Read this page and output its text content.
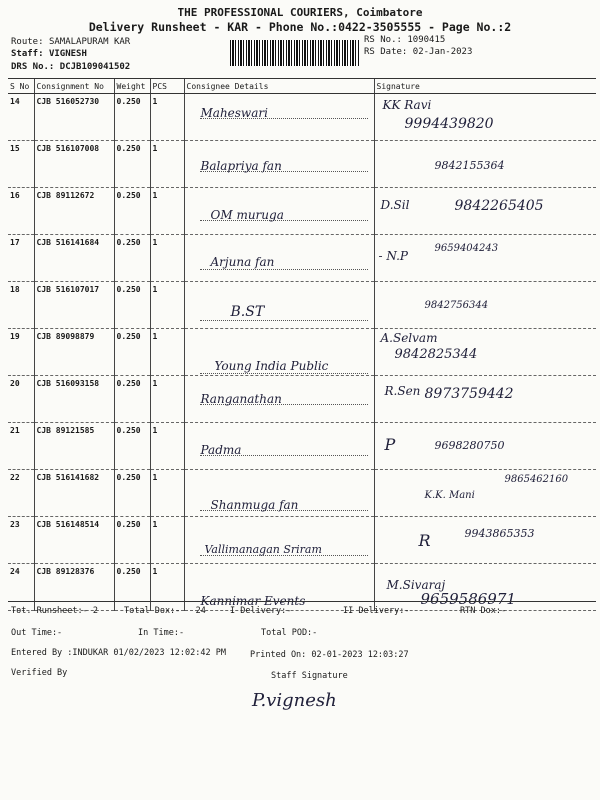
THE PROFESSIONAL COURIERS, Coimbatore
Delivery Runsheet - KAR - Phone No.:0422-3505555 - Page No.:2
Route: SAMALAPURAM KAR
Staff: VIGNESH
DRS No.: DCJB109041502
RS No.: 1090415
RS Date: 02-Jan-2023
S No	Consignment No	Weight	PCS	Consignee Details	Signature
14	CJB 516052730	0.250	1	Maheswari	KK Ravi
9994439820

15	CJB 516107008	0.250	1	Balapriya fan	9842155364

16	CJB 89112672	0.250	1	OM muruga	D.Sil 9842265405

17	CJB 516141684	0.250	1	Arjuna fan	- N.P
9659404243

18	CJB 516107017	0.250	1	B.ST	9842756344

19	CJB 89098879	0.250	1	Young India Public	A.Selvam
9842825344

20	CJB 516093158	0.250	1	Ranganathan	R.Sen 8973759442

21	CJB 89121585	0.250	1	Padma	P 9698280750

22	CJB 516141682	0.250	1	Shanmuga fan	K.K. Mani
9865462160

23	CJB 516148514	0.250	1	Vallimanagan Sriram	R 9943865353

24	CJB 89128376	0.250	1	Kannimar Events	M.Sivaraj
9659586971
Tot. Runsheet:- 2	Total Dox:- 24	I Delivery:-	II Delivery:-	RTN Dox:-
Out Time:-	In Time:-	Total POD:-
Entered By :INDUKAR 01/02/2023 12:02:42 PM	Printed On: 02-01-2023 12:03:27
Verified By	Staff Signature
P.vignesh
